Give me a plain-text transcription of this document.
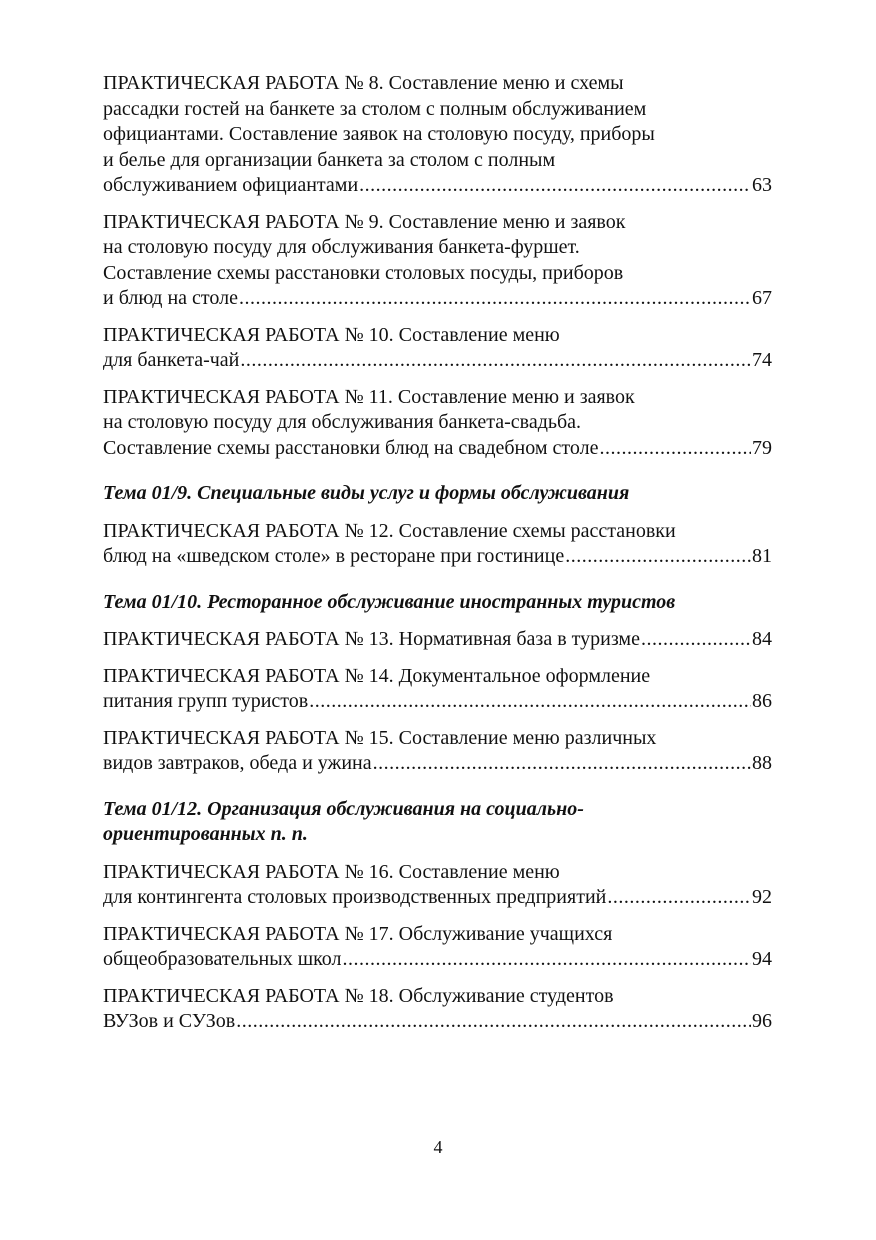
ПРАКТИЧЕСКАЯ РАБОТА № 8. Составление меню и схемы
рассадки гостей на банкете за столом с полным обслуживанием
официантами. Составление заявок на столовую посуду, приборы
и белье для организации банкета за столом с полным
обслуживанием официантами .....	63
ПРАКТИЧЕСКАЯ РАБОТА № 9. Составление меню и заявок
на столовую посуду для обслуживания банкета-фуршет.
Составление схемы расстановки столовых посуды, приборов
и блюд на столе .....	67
ПРАКТИЧЕСКАЯ РАБОТА № 10. Составление меню
для банкета-чай .....	74
ПРАКТИЧЕСКАЯ РАБОТА № 11. Составление меню и заявок
на столовую посуду для обслуживания банкета-свадьба.
Составление схемы расстановки блюд на свадебном столе .....	79
Тема 01/9. Специальные виды услуг и формы обслуживания
ПРАКТИЧЕСКАЯ РАБОТА № 12. Составление схемы расстановки
блюд на «шведском столе» в ресторане при гостинице .....	81
Тема 01/10. Ресторанное обслуживание иностранных туристов
ПРАКТИЧЕСКАЯ РАБОТА № 13. Нормативная база в туризме .....	84
ПРАКТИЧЕСКАЯ РАБОТА № 14. Документальное оформление
питания групп туристов .....	86
ПРАКТИЧЕСКАЯ РАБОТА № 15. Составление меню различных
видов завтраков, обеда и ужина .....	88
Тема 01/12. Организация обслуживания на социально-
ориентированных п. п.
ПРАКТИЧЕСКАЯ РАБОТА № 16. Составление меню
для контингента столовых производственных предприятий .....	92
ПРАКТИЧЕСКАЯ РАБОТА № 17. Обслуживание учащихся
общеобразовательных школ .....	94
ПРАКТИЧЕСКАЯ РАБОТА № 18. Обслуживание студентов
ВУЗов и СУЗов .....	96
4
